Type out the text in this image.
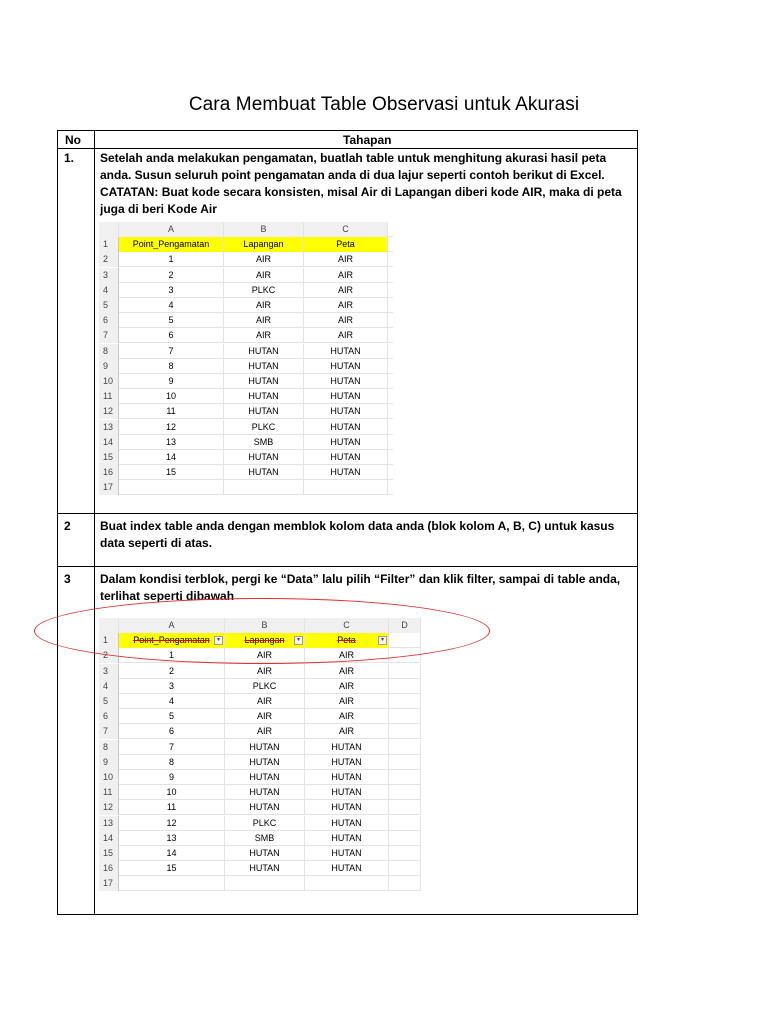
Cara Membuat Table Observasi untuk Akurasi
No	Tahapan
1. Setelah anda melakukan pengamatan, buatlah table untuk menghitung akurasi hasil peta
anda. Susun seluruh point pengamatan anda di dua lajur seperti contoh berikut di Excel.
CATATAN: Buat kode secara konsisten, misal Air di Lapangan diberi kode AIR, maka di peta
juga di beri Kode Air
2 Buat index table anda dengan memblok kolom data anda (blok kolom A, B, C) untuk kasus
data seperti di atas.
3 Dalam kondisi terblok, pergi ke “Data” lalu pilih “Filter” dan klik filter, sampai di table anda,
terlihat seperti dibawah
A	B	C
1	Point_Pengamatan	Lapangan	Peta
2	1	AIR	AIR
3	2	AIR	AIR
4	3	PLKC	AIR
5	4	AIR	AIR
6	5	AIR	AIR
7	6	AIR	AIR
8	7	HUTAN	HUTAN
9	8	HUTAN	HUTAN
10	9	HUTAN	HUTAN
11	10	HUTAN	HUTAN
12	11	HUTAN	HUTAN
13	12	PLKC	HUTAN
14	13	SMB	HUTAN
15	14	HUTAN	HUTAN
16	15	HUTAN	HUTAN
17
A	B	C	D
1	Point_Pengamatan	▾	Lapangan	▾	Peta	▾
2	1	AIR	AIR
3	2	AIR	AIR
4	3	PLKC	AIR
5	4	AIR	AIR
6	5	AIR	AIR
7	6	AIR	AIR
8	7	HUTAN	HUTAN
9	8	HUTAN	HUTAN
10	9	HUTAN	HUTAN
11	10	HUTAN	HUTAN
12	11	HUTAN	HUTAN
13	12	PLKC	HUTAN
14	13	SMB	HUTAN
15	14	HUTAN	HUTAN
16	15	HUTAN	HUTAN
17
